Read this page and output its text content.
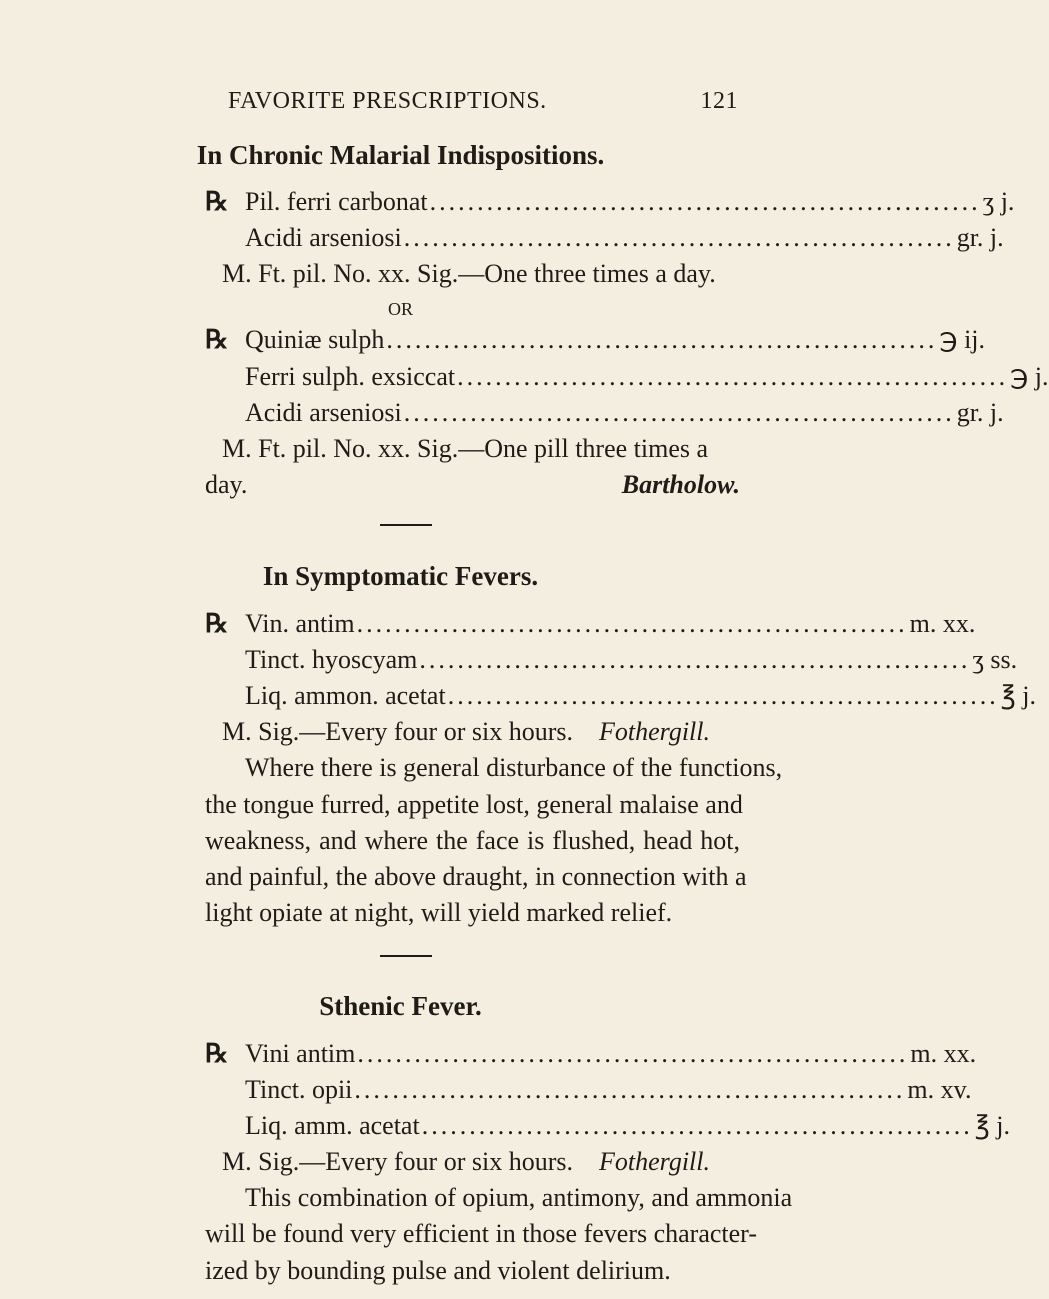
FAVORITE PRESCRIPTIONS.	121
In Chronic Malarial Indispositions.
℞ Pil. ferri carbonat .......................................................... ʒ j.
Acidi arseniosi .......................................................... gr. j.
M. Ft. pil. No. xx. Sig.—One three times a day.
OR
℞ Quiniæ sulph .......................................................... ℈ ij.
Ferri sulph. exsiccat .......................................................... ℈ j.
Acidi arseniosi .......................................................... gr. j.
M. Ft. pil. No. xx. Sig.—One pill three times a
day.	Bartholow.
In Symptomatic Fevers.
℞ Vin. antim .......................................................... m. xx.
Tinct. hyoscyam .......................................................... ʒ ss.
Liq. ammon. acetat .......................................................... ℥ j.
M. Sig.—Every four or six hours. Fothergill.
Where there is general disturbance of the functions,
the tongue furred, appetite lost, general malaise and
weakness, and where the face is flushed, head hot,
and painful, the above draught, in connection with a
light opiate at night, will yield marked relief.
Sthenic Fever.
℞ Vini antim .......................................................... m. xx.
Tinct. opii .......................................................... m. xv.
Liq. amm. acetat .......................................................... ℥ j.
M. Sig.—Every four or six hours. Fothergill.
This combination of opium, antimony, and ammonia
will be found very efficient in those fevers character-
ized by bounding pulse and violent delirium.
